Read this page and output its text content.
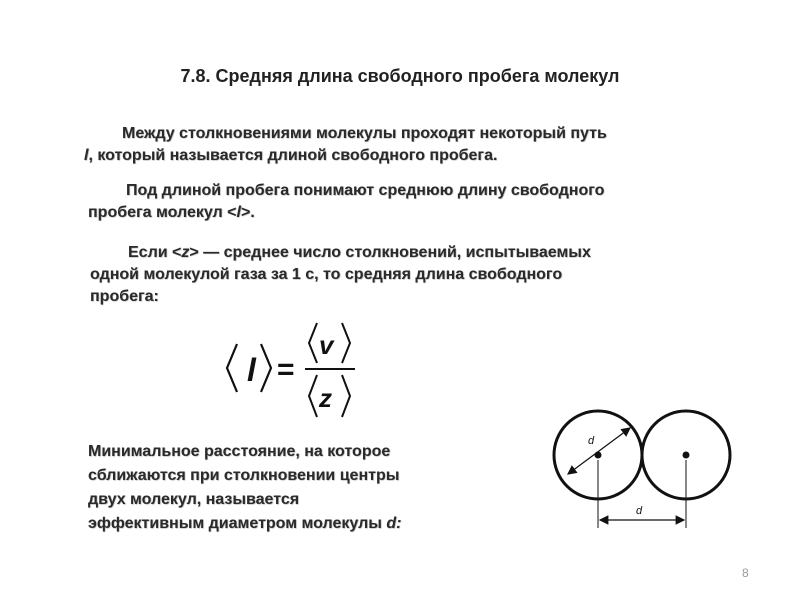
7.8. Средняя длина свободного пробега молекул

Между столкновениями молекулы проходят некоторый путь

l, который называется длиной свободного пробега.

Под длиной пробега понимают среднюю длину свободного

пробега молекул <l>.

Если <z> — среднее число столкновений, испытываемых

одной молекулой газа за 1 с, то средняя длина свободного

пробега:

l =
v
z

Минимальное расстояние, на которое

сближаются при столкновении центры

двух молекул, называется

эффективным диаметром молекулы d:

d
d
8
